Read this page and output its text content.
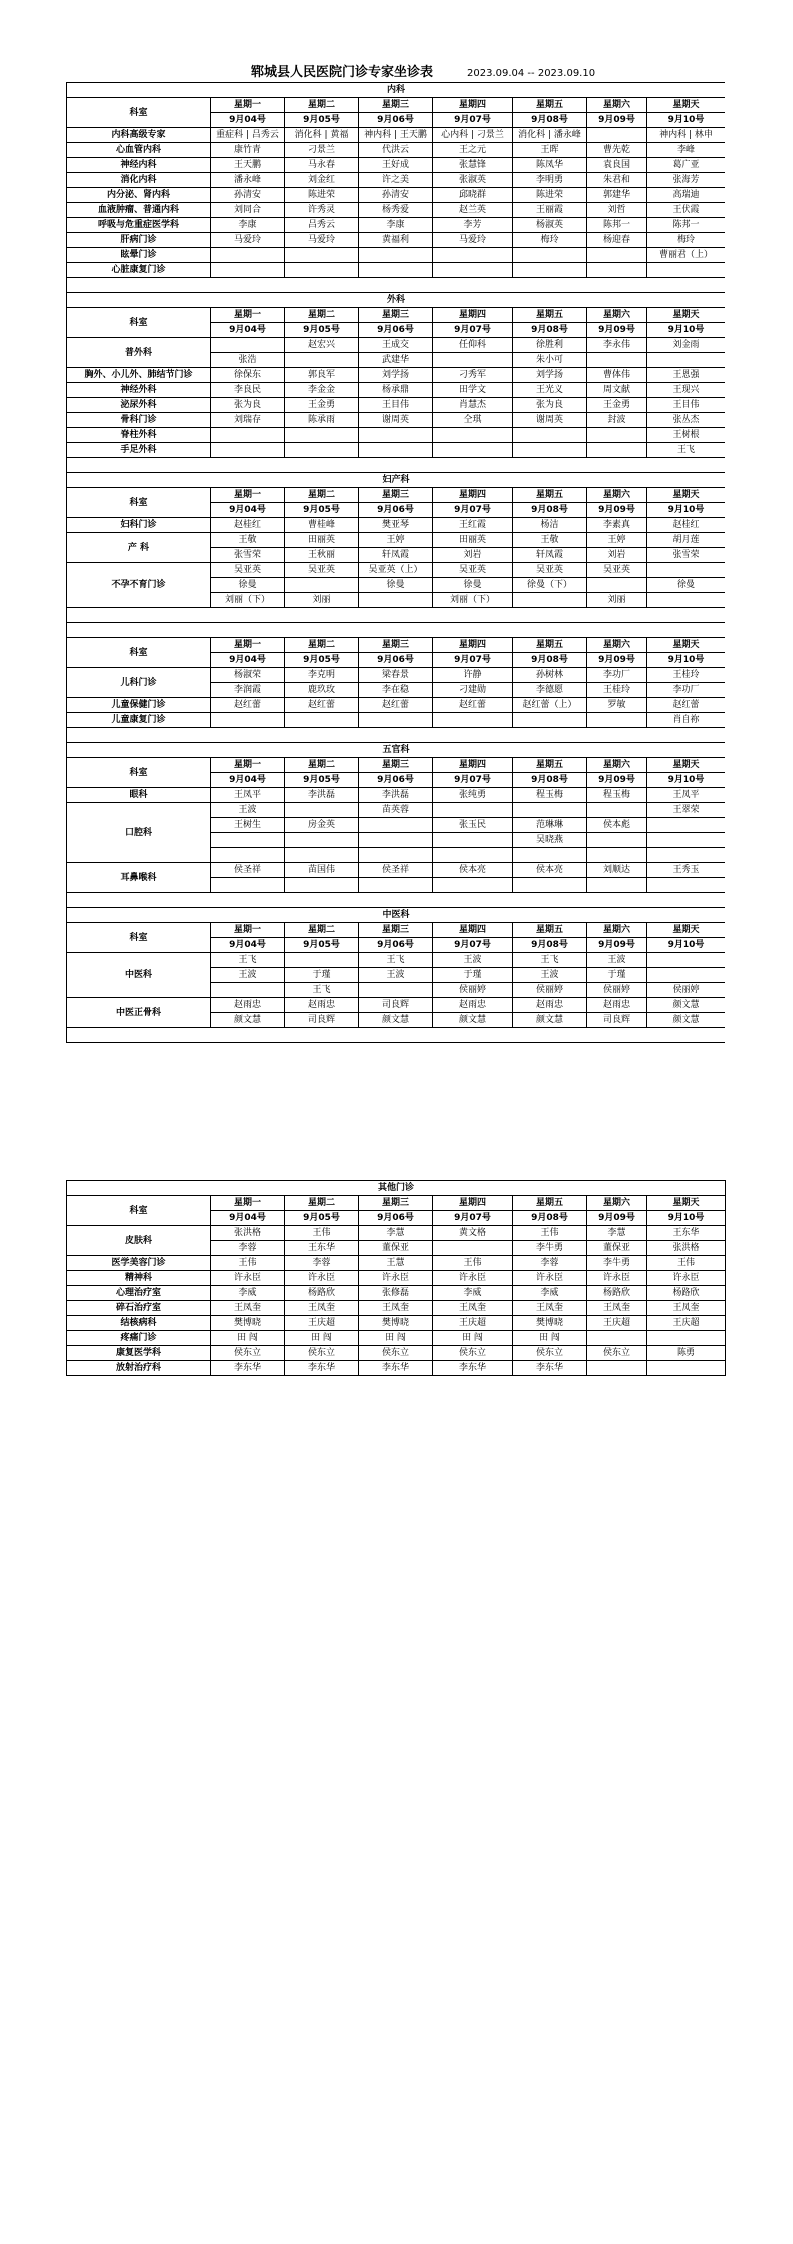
郓城县人民医院门诊专家坐诊表	2023.09.04 -- 2023.09.10
内科							
科室	星期一	星期二	星期三	星期四	星期五	星期六	星期天
	9月04号	9月05号	9月06号	9月07号	9月08号	9月09号	9月10号
内科高级专家	重症科 | 吕秀云	消化科 | 黄福	神内科 | 王天鹏	心内科 | 刁景兰	消化科 | 潘永峰		神内科 | 林申
心血管内科	康竹青	刁景兰	代洪云	王之元	王晖	曹先乾	李峰
神经内科	王天鹏	马永春	王好成	张慧锋	陈凤华	袁良国	葛广亚
消化内科	潘永峰	刘金红	许之美	张淑英	李明勇	朱君和	张海芳
内分泌、肾内科	孙清安	陈进荣	孙清安	邱晓群	陈进荣	郭建华	高瑞迪
血液肿瘤、普通内科	刘同合	许秀灵	杨秀爱	赵兰英	王丽霞	刘哲	王伏霞
呼吸与危重症医学科	李康	吕秀云	李康	李芳	杨淑英	陈邦一	陈邦一
肝病门诊	马爱玲	马爱玲	黄福利	马爱玲	梅玲	杨迎春	梅玲
眩晕门诊							曹丽君（上）
心脏康复门诊							

外科							
科室	星期一	星期二	星期三	星期四	星期五	星期六	星期天
	9月04号	9月05号	9月06号	9月07号	9月08号	9月09号	9月10号
普外科		赵宏兴	王成交	任仰科	徐胜利	李永伟	刘金雨
	张浩		武建华		朱小可		
胸外、小儿外、肺结节门诊	徐保东	郭良军	刘学扬	刁秀军	刘学扬	曹体伟	王恩强
神经外科	李良民	李金金	杨承鼎	田学文	王光义	周文献	王现兴
泌尿外科	张为良	王金勇	王目伟	肖慧杰	张为良	王金勇	王目伟
骨科门诊	刘瑞存	陈承雨	谢周英	仝琪	谢周英	封波	张丛杰
脊柱外科							王树根
手足外科							王飞

妇产科							
科室	星期一	星期二	星期三	星期四	星期五	星期六	星期天
	9月04号	9月05号	9月06号	9月07号	9月08号	9月09号	9月10号
妇科门诊	赵桂红	曹桂峰	樊亚琴	王红霞	杨洁	李素真	赵桂红
产 科	王敬	田丽英	王婷	田丽英	王敬	王婷	胡月莲
	张雪荣	王秋丽	轩凤霞	刘岩	轩凤霞	刘岩	张雪荣
不孕不育门诊	吴亚英	吴亚英	吴亚英（上）	吴亚英	吴亚英	吴亚英	
	徐曼		徐曼	徐曼	徐曼（下）		徐曼
	刘丽（下）	刘丽		刘丽（下）		刘丽	

科室	星期一	星期二	星期三	星期四	星期五	星期六	星期天
	9月04号	9月05号	9月06号	9月07号	9月08号	9月09号	9月10号
儿科门诊	杨淑荣	李克明	梁春景	许静	孙树林	李功厂	王桂玲
	李润霞	鹿玖玫	李在稳	刁建勋	李德愿	王桂玲	李功厂
儿童保健门诊	赵红蕾	赵红蕾	赵红蕾	赵红蕾	赵红蕾（上）	罗敏	赵红蕾
儿童康复门诊							肖自祢

五官科							
科室	星期一	星期二	星期三	星期四	星期五	星期六	星期天
	9月04号	9月05号	9月06号	9月07号	9月08号	9月09号	9月10号
眼科	王凤平	李洪磊	李洪磊	张纯勇	程玉梅	程玉梅	王凤平
口腔科	王波		苗英蓉				王翠荣
	王树生	房金英		张玉民	范琳琳	侯本彪	
					吴晓燕		

耳鼻喉科	侯圣祥	苗国伟	侯圣祥	侯本亮	侯本亮	刘顺达	王秀玉

中医科							
科室	星期一	星期二	星期三	星期四	星期五	星期六	星期天
	9月04号	9月05号	9月06号	9月07号	9月08号	9月09号	9月10号
中医科	王飞		王飞	王波	王飞	王波	
	王波	于瑾	王波	于瑾	王波	于瑾	
		王飞		侯丽婷	侯丽婷	侯丽婷	侯丽婷
中医正骨科	赵雨忠	赵雨忠	司良辉	赵雨忠	赵雨忠	赵雨忠	颜文慧
	颜文慧	司良辉	颜文慧	颜文慧	颜文慧	司良辉	颜文慧

其他门诊							
科室	星期一	星期二	星期三	星期四	星期五	星期六	星期天
	9月04号	9月05号	9月06号	9月07号	9月08号	9月09号	9月10号
皮肤科	张洪格	王伟	李慧	黄文格	王伟	李慧	王东华
	李蓉	王东华	董保亚		李牛勇	董保亚	张洪格
医学美容门诊	王伟	李蓉	王慧	王伟	李蓉	李牛勇	王伟
精神科	许永臣	许永臣	许永臣	许永臣	许永臣	许永臣	许永臣
心理治疗室	李威	杨路欣	张修磊	李威	李威	杨路欣	杨路欣
碎石治疗室	王凤奎	王凤奎	王凤奎	王凤奎	王凤奎	王凤奎	王凤奎
结核病科	樊博晓	王庆超	樊博晓	王庆超	樊博晓	王庆超	王庆超
疼痛门诊	田 闯	田 闯	田 闯	田 闯	田 闯		
康复医学科	侯东立	侯东立	侯东立	侯东立	侯东立	侯东立	陈勇
放射治疗科	李东华	李东华	李东华	李东华	李东华		
